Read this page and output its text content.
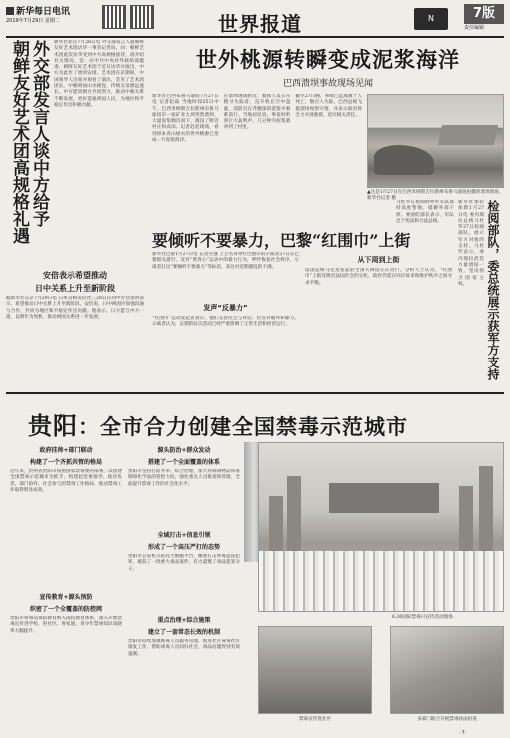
新华每日电讯
2019年7月29日 星期二	世界报道	N	7版
责任编辑
朝鲜友好艺术团高规格礼遇 外交部发言人谈中方给予 新华社北京7月28日电 外交部发言人就朝鲜友好艺术团访华一事答记者问。问：朝鲜艺术团此次访华受到中方高规格接待，请介绍有关情况。答：应中共中央对外联络部邀请，朝鲜友好艺术团于近日访华并演出，中方为此作了周到安排。艺术团在京期间，中国领导人出席并观看了演出，会见了艺术团团长。中朝两国山水相连，传统友谊源远流长。中方愿同朝方共同努力，推动中朝关系不断发展，更好造福两国人民，为地区和平稳定作出积极贡献。
安倍表示希望推动
日中关系上升至新阶段
据新华社东京7月29日电 日本首相安倍晋三28日在同中方会谈时表示，希望推动日中关系上升至新阶段。安倍说，日中两国应加强沟通与合作，共同为地区和平稳定作出贡献。他表示，日方愿与中方一道，以明年为契机，推动两国关系进一步发展。
世外桃源转瞬变成泥浆海洋
巴西溃坝事故现场见闻
新华社巴西布鲁马迪纽7月27日电 记者赵焱 当地时间25日中午，巴西米纳斯吉拉斯州布鲁马迪纽市一座矿业大坝突然溃坝，大量泥浆倾泻而下，淹没了附近村庄和农田。记者赶赴现场，看到原本青山绿水的世外桃源已变成一片泥浆海洋。
在溃坝现场附近，救援人员正在搜寻失踪者。直升机在空中盘旋，消防员在齐腰深的泥浆中艰难前行。当地居民说，事发时听到巨大轰鸣声，几分钟内泥浆就冲到了村里。
截至27日晚，事故已造成数十人死亡，数百人失踪。巴西总统飞抵现场视察灾情，并表示政府将全力开展救援，追究相关责任。
▲这是1月27日在巴西米纳斯吉拉斯州布鲁马迪纽拍摄的溃坝现场。新华社记者 摄
要倾听不要暴力，巴黎“红围巾”上街
新华社巴黎1月27日电 记者应强 上万名身穿红色围巾的示威者27日在巴黎街头游行，反对“黄背心”运动中的暴力行为，呼吁恢复社会秩序。示威者打出“要倾听不要暴力”等标语，表达对近期骚乱的不满。
发声“反暴力”
“红围巾”运动发起者表示，他们支持民主与对话，但反对破坏和暴力。示威者认为，长期的抗议活动已经严重影响了正常生活和经济运行。
从下周到上街
法国总统马克龙发起的全国大辩论正在进行。分析人士认为，“红围巾”上街反映出法国社会的分化，政府仍需在回应诉求和维护秩序之间寻求平衡。
马杜罗在检阅时呼吁军队保持高度警惕，抵御外部干涉。委国防部长表示，军队忠于宪法和合法总统。
新华社加拉加斯1月27日电 委内瑞拉总统马杜罗27日检阅部队，展示军方对他的支持。马杜罗表示，委内瑞拉武装力量团结一致，坚决捍卫国家主权。	检阅部队，委总统展示获军方支持
贵阳：全市合力创建全国禁毒示范城市
政府挂帅+部门联动
构建了一个齐抓共管的格局
近年来，贵州省贵阳市按照国家禁毒委的部署，以创建全国禁毒示范城市为抓手，构建起党委领导、政府负责、部门协作、社会参与的禁毒工作格局，推动禁毒工作取得明显成效。
宣传教育+源头预防
织密了一个全覆盖的防控网
贵阳市将毒品预防教育纳入国民教育体系，深入开展禁毒宣传进学校、进社区、进家庭，青少年禁毒知识知晓率大幅提升。
源头防治+群众发动
搭建了一个全面覆盖的体系
贵阳市坚持打防并举、综合治理，加大对制毒物品和易制毒化学品的管控力度，强化重点人员排查和管理，全面提升禁毒工作的社会化水平。
全域打击+信息引领
形成了一个高压严打的态势
贵阳市公安机关依托大数据平台，精准打击涉毒违法犯罪，破获了一批重大毒品案件，有力震慑了毒品犯罪分子。
重点治理+综合施策
建立了一套常态长效的机制
贵阳市持续加强吸毒人员服务管理，推进社区戒毒社区康复工作，帮助戒毒人员回归社会，毒品问题得到有效遏制。
6.26国际禁毒日宣传活动现场
禁毒宣传进社区	多部门联合开展禁毒执法检查
·7·
